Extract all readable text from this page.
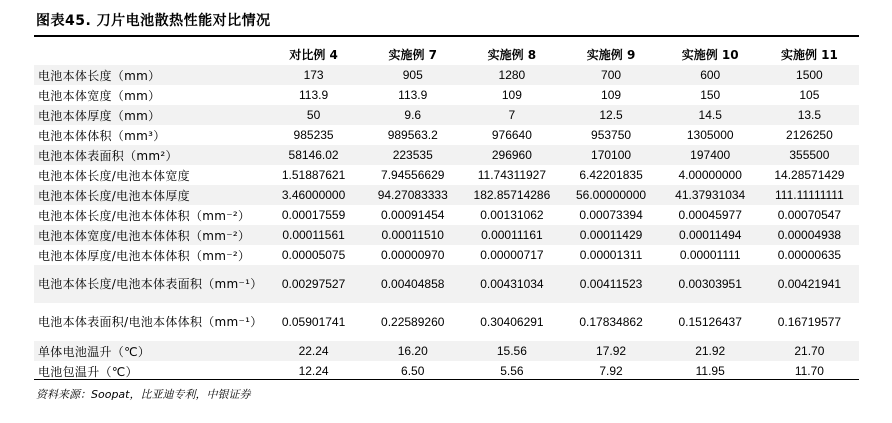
图表45. 刀片电池散热性能对比情况
	对比例 4	实施例 7	实施例 8	实施例 9	实施例 10	实施例 11
电池本体长度（mm）	173	905	1280	700	600	1500
电池本体宽度（mm）	113.9	113.9	109	109	150	105
电池本体厚度（mm）	50	9.6	7	12.5	14.5	13.5
电池本体体积（mm³）	985235	989563.2	976640	953750	1305000	2126250
电池本体表面积（mm²）	58146.02	223535	296960	170100	197400	355500
电池本体长度/电池本体宽度	1.51887621	7.94556629	11.74311927	6.42201835	4.00000000	14.28571429
电池本体长度/电池本体厚度	3.46000000	94.27083333	182.85714286	56.00000000	41.37931034	111.11111111
电池本体长度/电池本体体积（mm⁻²）	0.00017559	0.00091454	0.00131062	0.00073394	0.00045977	0.00070547
电池本体宽度/电池本体体积（mm⁻²）	0.00011561	0.00011510	0.00011161	0.00011429	0.00011494	0.00004938
电池本体厚度/电池本体体积（mm⁻²）	0.00005075	0.00000970	0.00000717	0.00001311	0.00001111	0.00000635
电池本体长度/电池本体表面积（mm⁻¹）	0.00297527	0.00404858	0.00431034	0.00411523	0.00303951	0.00421941
电池本体表面积/电池本体体积（mm⁻¹）	0.05901741	0.22589260	0.30406291	0.17834862	0.15126437	0.16719577
单体电池温升（℃）	22.24	16.20	15.56	17.92	21.92	21.70
电池包温升（℃）	12.24	6.50	5.56	7.92	11.95	11.70
资料来源：Soopat，比亚迪专利，中银证券
